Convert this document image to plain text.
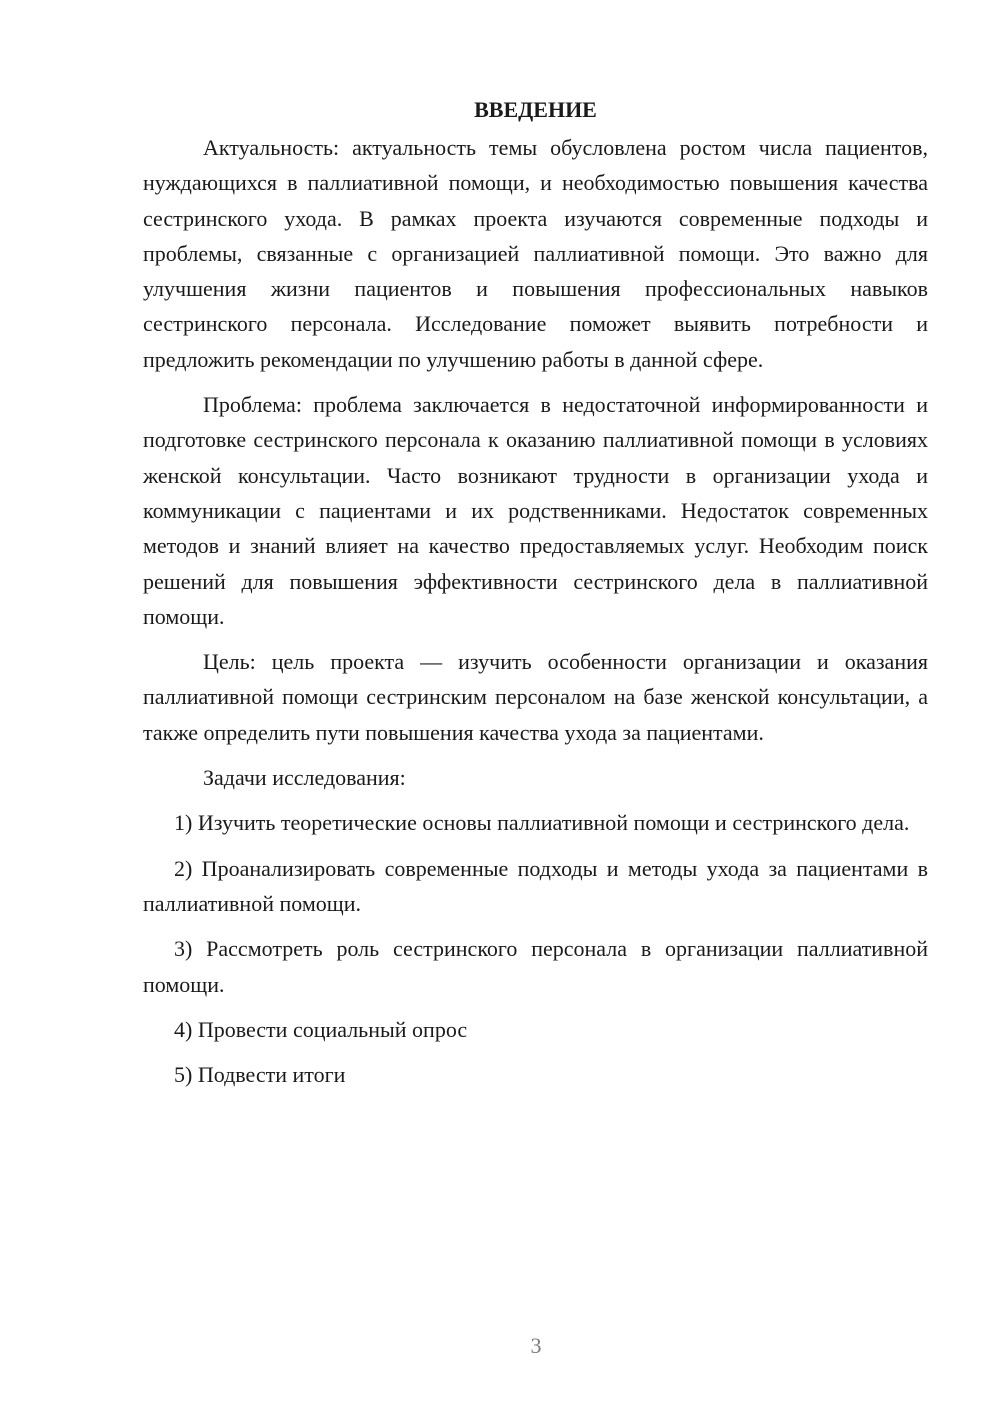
ВВЕДЕНИЕ

Актуальность: актуальность темы обусловлена ростом числа пациентов, нуждающихся в паллиативной помощи, и необходимостью повышения качества сестринского ухода. В рамках проекта изучаются современные подходы и проблемы, связанные с организацией паллиативной помощи. Это важно для улучшения жизни пациентов и повышения профессиональных навыков сестринского персонала. Исследование поможет выявить потребности и предложить рекомендации по улучшению работы в данной сфере.

Проблема: проблема заключается в недостаточной информированности и подготовке сестринского персонала к оказанию паллиативной помощи в условиях женской консультации. Часто возникают трудности в организации ухода и коммуникации с пациентами и их родственниками. Недостаток современных методов и знаний влияет на качество предоставляемых услуг. Необходим поиск решений для повышения эффективности сестринского дела в паллиативной помощи.

Цель: цель проекта — изучить особенности организации и оказания паллиативной помощи сестринским персоналом на базе женской консультации, а также определить пути повышения качества ухода за пациентами.

Задачи исследования:

1) Изучить теоретические основы паллиативной помощи и сестринского дела.

2) Проанализировать современные подходы и методы ухода за пациентами в паллиативной помощи.

3) Рассмотреть роль сестринского персонала в организации паллиативной помощи.

4) Провести социальный опрос

5) Подвести итоги

3
